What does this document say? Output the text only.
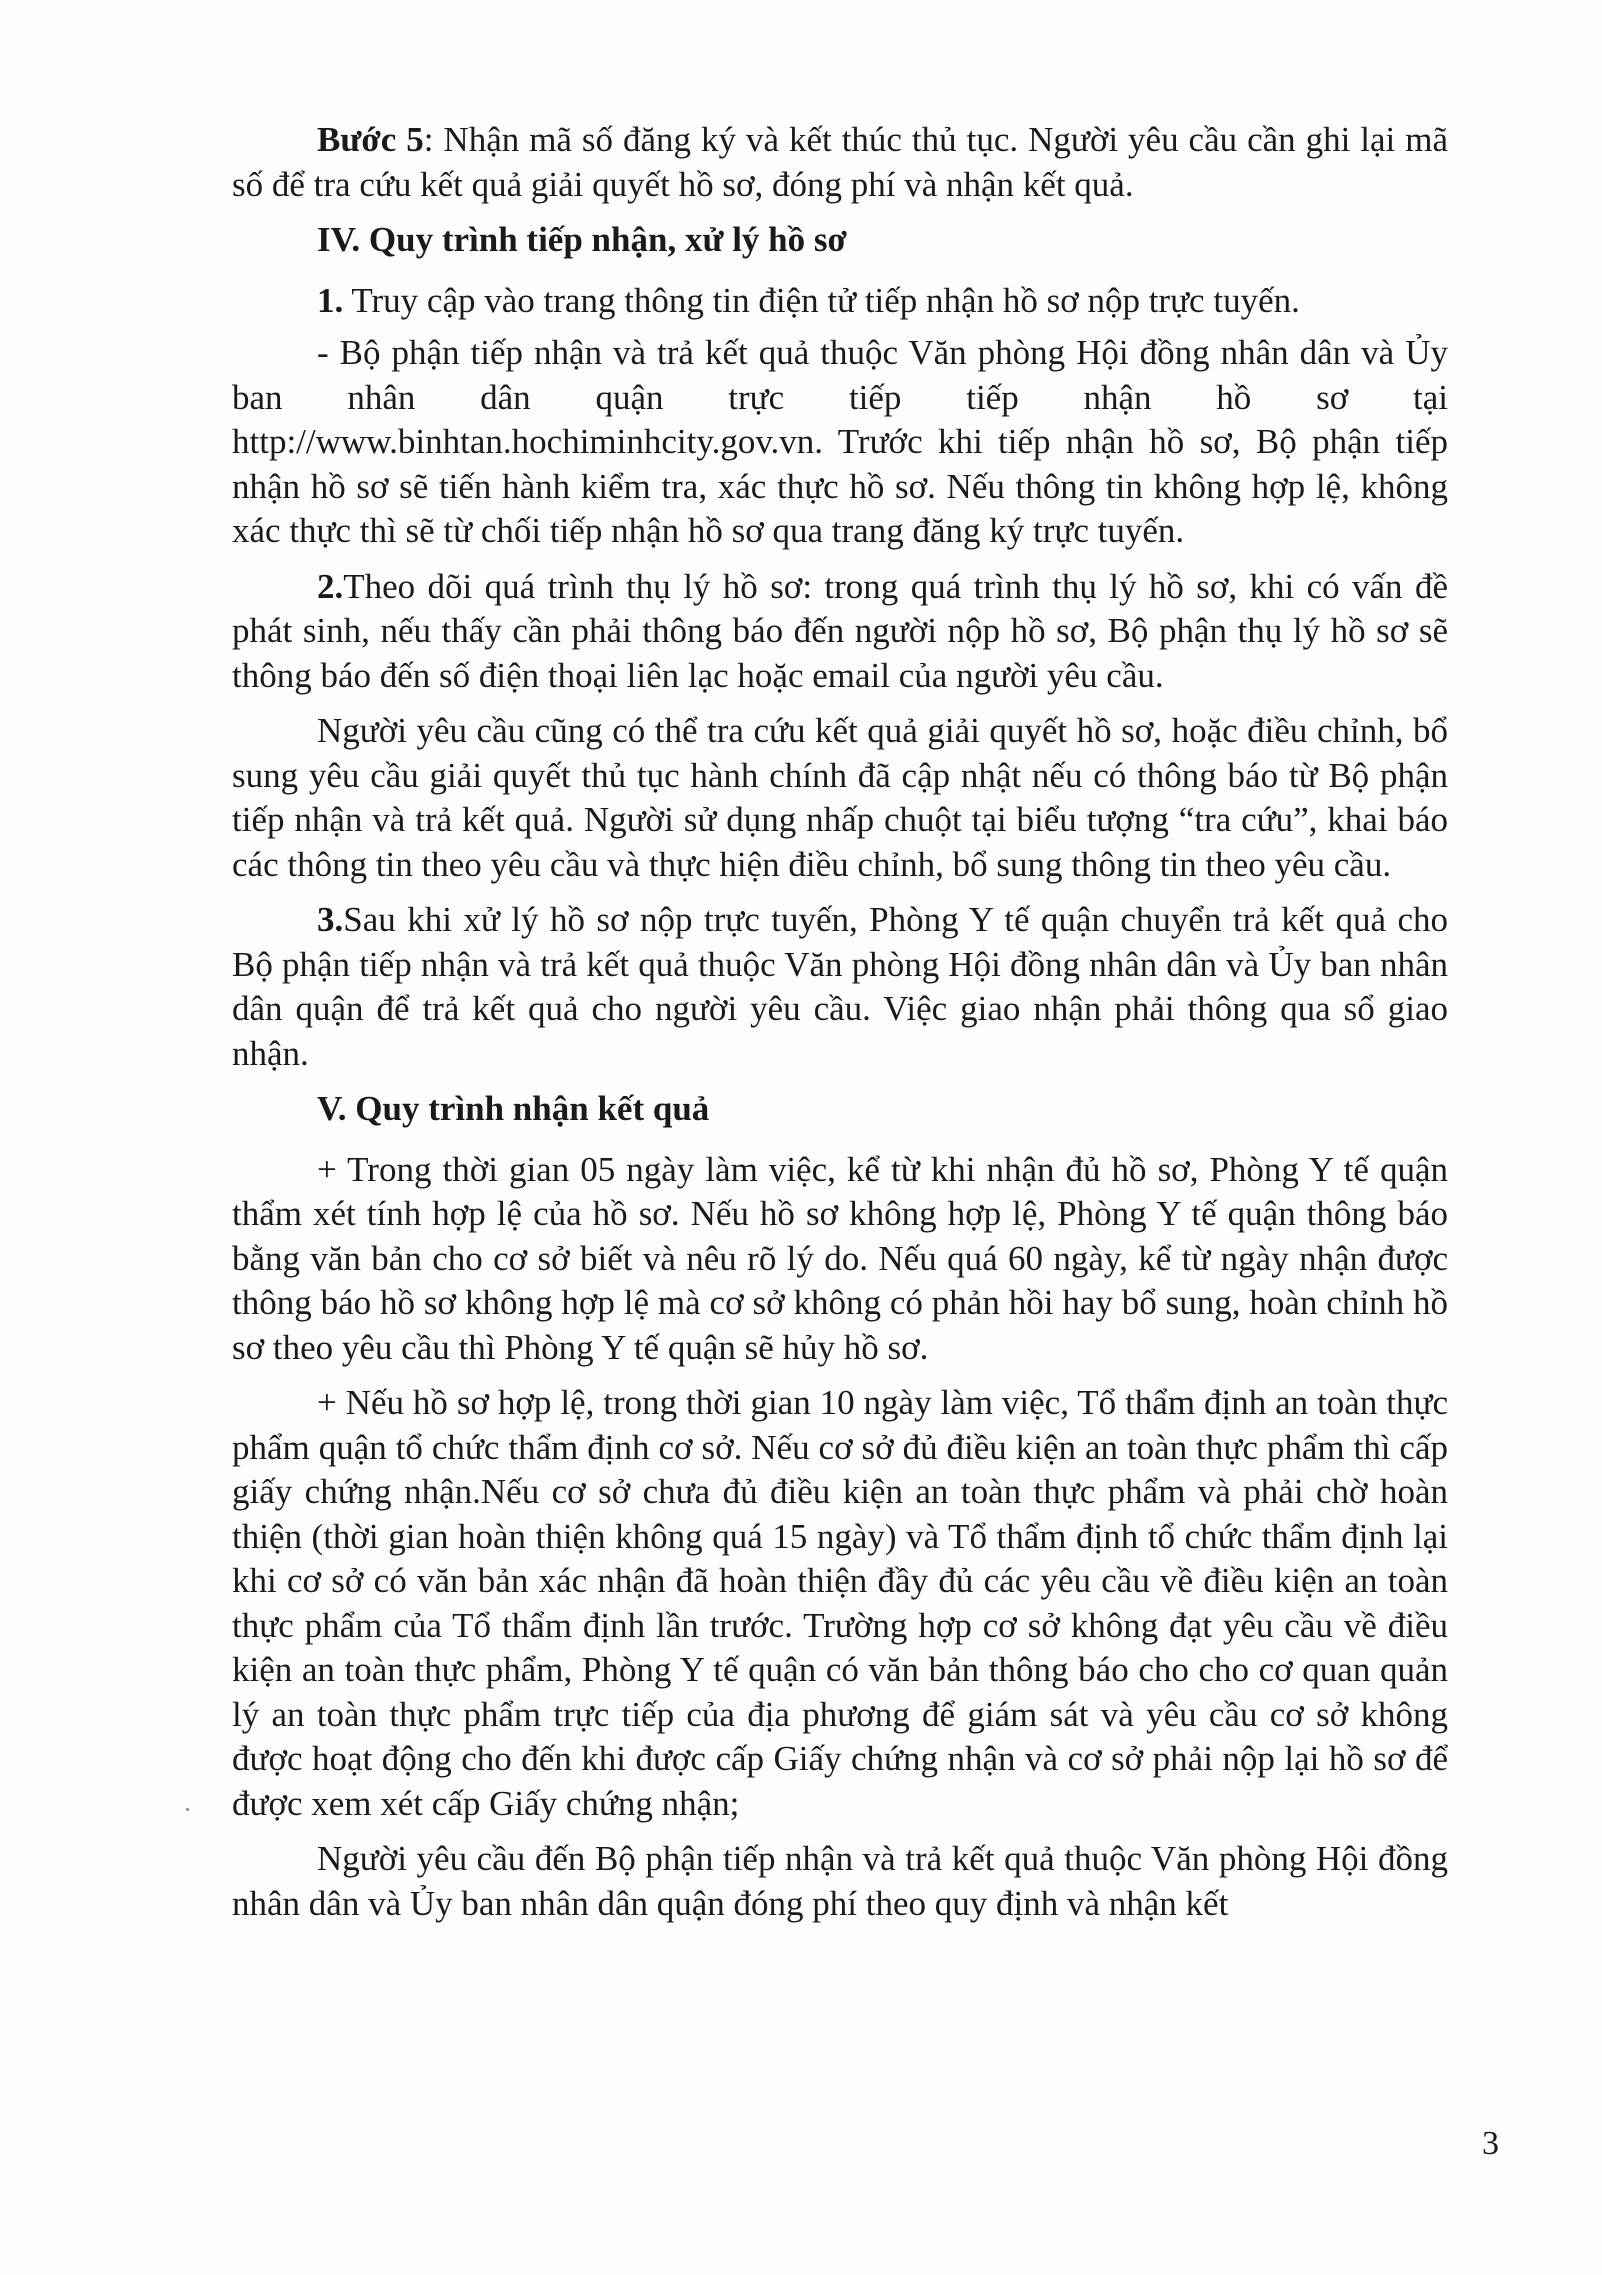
Bước 5: Nhận mã số đăng ký và kết thúc thủ tục. Người yêu cầu cần ghi lại mã số để tra cứu kết quả giải quyết hồ sơ, đóng phí và nhận kết quả.

IV. Quy trình tiếp nhận, xử lý hồ sơ

1. Truy cập vào trang thông tin điện tử tiếp nhận hồ sơ nộp trực tuyến.

- Bộ phận tiếp nhận và trả kết quả thuộc Văn phòng Hội đồng nhân dân và Ủy ban nhân dân quận trực tiếp tiếp nhận hồ sơ tại http://www.binhtan.hochiminhcity.gov.vn. Trước khi tiếp nhận hồ sơ, Bộ phận tiếp nhận hồ sơ sẽ tiến hành kiểm tra, xác thực hồ sơ. Nếu thông tin không hợp lệ, không xác thực thì sẽ từ chối tiếp nhận hồ sơ qua trang đăng ký trực tuyến.

2.Theo dõi quá trình thụ lý hồ sơ: trong quá trình thụ lý hồ sơ, khi có vấn đề phát sinh, nếu thấy cần phải thông báo đến người nộp hồ sơ, Bộ phận thụ lý hồ sơ sẽ thông báo đến số điện thoại liên lạc hoặc email của người yêu cầu.

Người yêu cầu cũng có thể tra cứu kết quả giải quyết hồ sơ, hoặc điều chỉnh, bổ sung yêu cầu giải quyết thủ tục hành chính đã cập nhật nếu có thông báo từ Bộ phận tiếp nhận và trả kết quả. Người sử dụng nhấp chuột tại biểu tượng “tra cứu”, khai báo các thông tin theo yêu cầu và thực hiện điều chỉnh, bổ sung thông tin theo yêu cầu.

3.Sau khi xử lý hồ sơ nộp trực tuyến, Phòng Y tế quận chuyển trả kết quả cho Bộ phận tiếp nhận và trả kết quả thuộc Văn phòng Hội đồng nhân dân và Ủy ban nhân dân quận để trả kết quả cho người yêu cầu. Việc giao nhận phải thông qua sổ giao nhận.

V. Quy trình nhận kết quả

+ Trong thời gian 05 ngày làm việc, kể từ khi nhận đủ hồ sơ, Phòng Y tế quận thẩm xét tính hợp lệ của hồ sơ. Nếu hồ sơ không hợp lệ, Phòng Y tế quận thông báo bằng văn bản cho cơ sở biết và nêu rõ lý do. Nếu quá 60 ngày, kể từ ngày nhận được thông báo hồ sơ không hợp lệ mà cơ sở không có phản hồi hay bổ sung, hoàn chỉnh hồ sơ theo yêu cầu thì Phòng Y tế quận sẽ hủy hồ sơ.

+ Nếu hồ sơ hợp lệ, trong thời gian 10 ngày làm việc, Tổ thẩm định an toàn thực phẩm quận tổ chức thẩm định cơ sở. Nếu cơ sở đủ điều kiện an toàn thực phẩm thì cấp giấy chứng nhận.Nếu cơ sở chưa đủ điều kiện an toàn thực phẩm và phải chờ hoàn thiện (thời gian hoàn thiện không quá 15 ngày) và Tổ thẩm định tổ chức thẩm định lại khi cơ sở có văn bản xác nhận đã hoàn thiện đầy đủ các yêu cầu về điều kiện an toàn thực phẩm của Tổ thẩm định lần trước. Trường hợp cơ sở không đạt yêu cầu về điều kiện an toàn thực phẩm, Phòng Y tế quận có văn bản thông báo cho cho cơ quan quản lý an toàn thực phẩm trực tiếp của địa phương để giám sát và yêu cầu cơ sở không được hoạt động cho đến khi được cấp Giấy chứng nhận và cơ sở phải nộp lại hồ sơ để được xem xét cấp Giấy chứng nhận;

Người yêu cầu đến Bộ phận tiếp nhận và trả kết quả thuộc Văn phòng Hội đồng nhân dân và Ủy ban nhân dân quận đóng phí theo quy định và nhận kết

3
